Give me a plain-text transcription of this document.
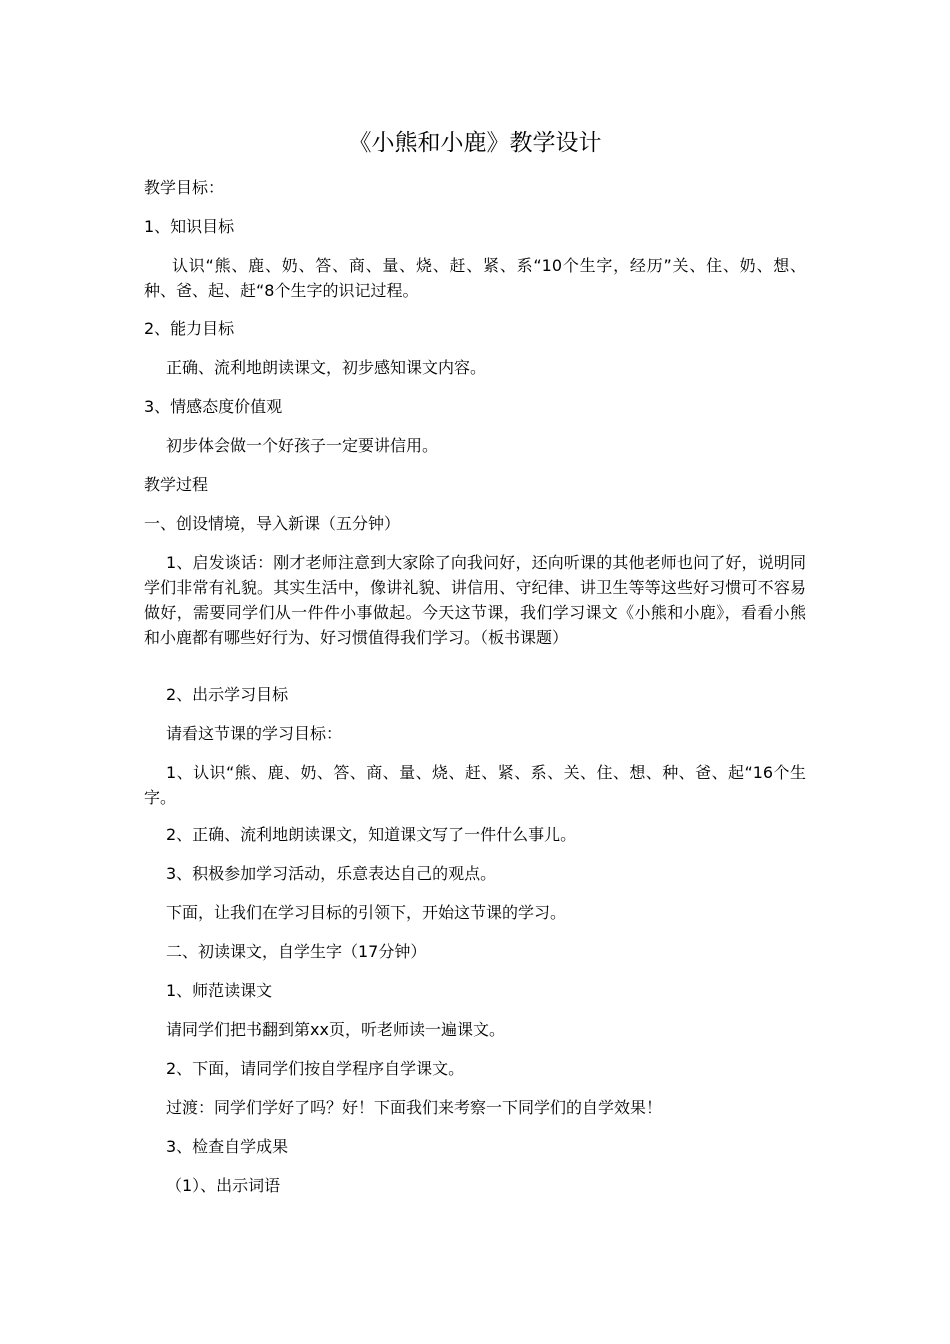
《小熊和小鹿》教学设计
教学目标：
1、知识目标
认识“熊、鹿、奶、答、商、量、烧、赶、紧、系“10个生字，经历”关、住、奶、想、种、爸、起、赶“8个生字的识记过程。
2、能力目标
正确、流利地朗读课文，初步感知课文内容。
3、情感态度价值观
初步体会做一个好孩子一定要讲信用。
教学过程
一、创设情境，导入新课（五分钟）
1、启发谈话：刚才老师注意到大家除了向我问好，还向听课的其他老师也问了好，说明同学们非常有礼貌。其实生活中，像讲礼貌、讲信用、守纪律、讲卫生等等这些好习惯可不容易做好，需要同学们从一件件小事做起。今天这节课，我们学习课文《小熊和小鹿》，看看小熊和小鹿都有哪些好行为、好习惯值得我们学习。（板书课题）
2、出示学习目标
请看这节课的学习目标：
1、认识“熊、鹿、奶、答、商、量、烧、赶、紧、系、关、住、想、种、爸、起“16个生字。
2、正确、流利地朗读课文，知道课文写了一件什么事儿。
3、积极参加学习活动，乐意表达自己的观点。
下面，让我们在学习目标的引领下，开始这节课的学习。
二、初读课文，自学生字（17分钟）
1、师范读课文
请同学们把书翻到第xx页，听老师读一遍课文。
2、下面，请同学们按自学程序自学课文。
过渡：同学们学好了吗？好！下面我们来考察一下同学们的自学效果！
3、检查自学成果
（1）、出示词语
